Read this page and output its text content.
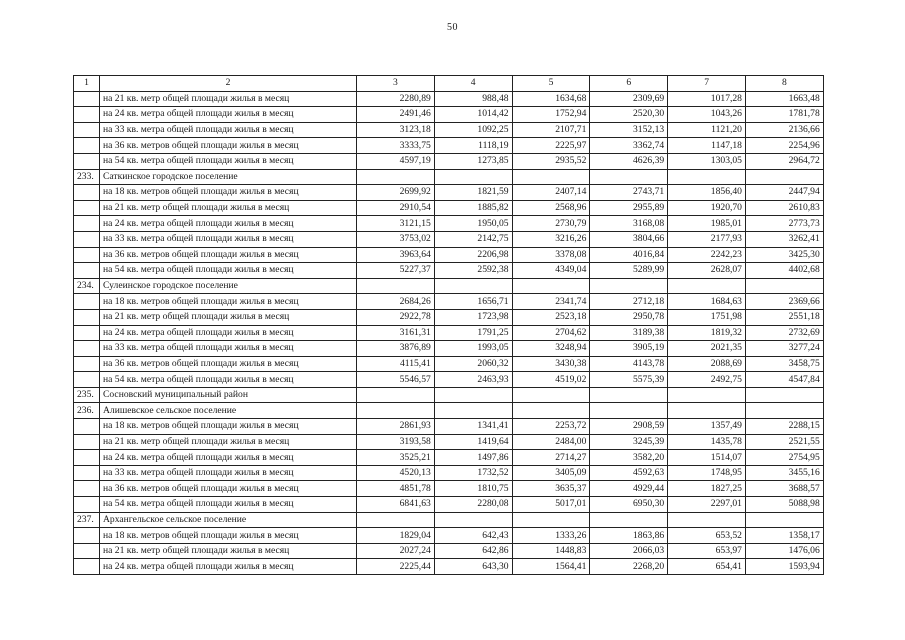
50
1	2	3	4	5	6	7	8
	на 21 кв. метр общей площади жилья в месяц	2280,89	988,48	1634,68	2309,69	1017,28	1663,48
	на 24 кв. метра общей площади жилья в месяц	2491,46	1014,42	1752,94	2520,30	1043,26	1781,78
	на 33 кв. метра общей площади жилья в месяц	3123,18	1092,25	2107,71	3152,13	1121,20	2136,66
	на 36 кв. метров общей площади жилья в месяц	3333,75	1118,19	2225,97	3362,74	1147,18	2254,96
	на 54 кв. метра общей площади жилья в месяц	4597,19	1273,85	2935,52	4626,39	1303,05	2964,72
233.	Саткинское городское поселение						
	на 18 кв. метров общей площади жилья в месяц	2699,92	1821,59	2407,14	2743,71	1856,40	2447,94
	на 21 кв. метр общей площади жилья в месяц	2910,54	1885,82	2568,96	2955,89	1920,70	2610,83
	на 24 кв. метра общей площади жилья в месяц	3121,15	1950,05	2730,79	3168,08	1985,01	2773,73
	на 33 кв. метра общей площади жилья в месяц	3753,02	2142,75	3216,26	3804,66	2177,93	3262,41
	на 36 кв. метров общей площади жилья в месяц	3963,64	2206,98	3378,08	4016,84	2242,23	3425,30
	на 54 кв. метра общей площади жилья в месяц	5227,37	2592,38	4349,04	5289,99	2628,07	4402,68
234.	Сулеинское городское поселение						
	на 18 кв. метров общей площади жилья в месяц	2684,26	1656,71	2341,74	2712,18	1684,63	2369,66
	на 21 кв. метр общей площади жилья в месяц	2922,78	1723,98	2523,18	2950,78	1751,98	2551,18
	на 24 кв. метра общей площади жилья в месяц	3161,31	1791,25	2704,62	3189,38	1819,32	2732,69
	на 33 кв. метра общей площади жилья в месяц	3876,89	1993,05	3248,94	3905,19	2021,35	3277,24
	на 36 кв. метров общей площади жилья в месяц	4115,41	2060,32	3430,38	4143,78	2088,69	3458,75
	на 54 кв. метра общей площади жилья в месяц	5546,57	2463,93	4519,02	5575,39	2492,75	4547,84
235.	Сосновский муниципальный район						
236.	Алишевское сельское поселение						
	на 18 кв. метров общей площади жилья в месяц	2861,93	1341,41	2253,72	2908,59	1357,49	2288,15
	на 21 кв. метр общей площади жилья в месяц	3193,58	1419,64	2484,00	3245,39	1435,78	2521,55
	на 24 кв. метра общей площади жилья в месяц	3525,21	1497,86	2714,27	3582,20	1514,07	2754,95
	на 33 кв. метра общей площади жилья в месяц	4520,13	1732,52	3405,09	4592,63	1748,95	3455,16
	на 36 кв. метров общей площади жилья в месяц	4851,78	1810,75	3635,37	4929,44	1827,25	3688,57
	на 54 кв. метра общей площади жилья в месяц	6841,63	2280,08	5017,01	6950,30	2297,01	5088,98
237.	Архангельское сельское поселение						
	на 18 кв. метров общей площади жилья в месяц	1829,04	642,43	1333,26	1863,86	653,52	1358,17
	на 21 кв. метр общей площади жилья в месяц	2027,24	642,86	1448,83	2066,03	653,97	1476,06
	на 24 кв. метра общей площади жилья в месяц	2225,44	643,30	1564,41	2268,20	654,41	1593,94
